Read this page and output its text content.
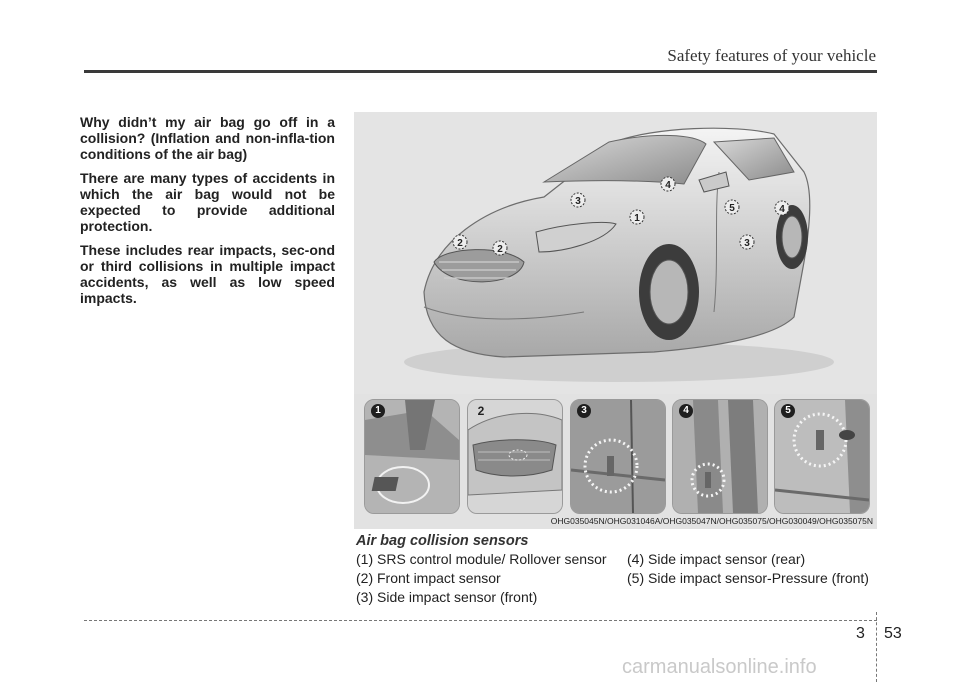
Safety features of your vehicle

Why didn’t my air bag go off in a collision? (Inflation and non-infla-tion conditions of the air bag)

There are many types of accidents in which the air bag would not be expected to provide additional protection.

These includes rear impacts, sec-ond or third collisions in multiple impact accidents, as well as low speed impacts.

1
2
2
3
3
4
4
5
1	2	3	4	5
OHG035045N/OHG031046A/OHG035047N/OHG035075/OHG030049/OHG035075N
Air bag collision sensors
(1) SRS control module/ Rollover sensor
(2) Front impact sensor
(3) Side impact sensor (front)
(4) Side impact sensor (rear)
(5) Side impact sensor-Pressure (front)
3 53
carmanualsonline.info
